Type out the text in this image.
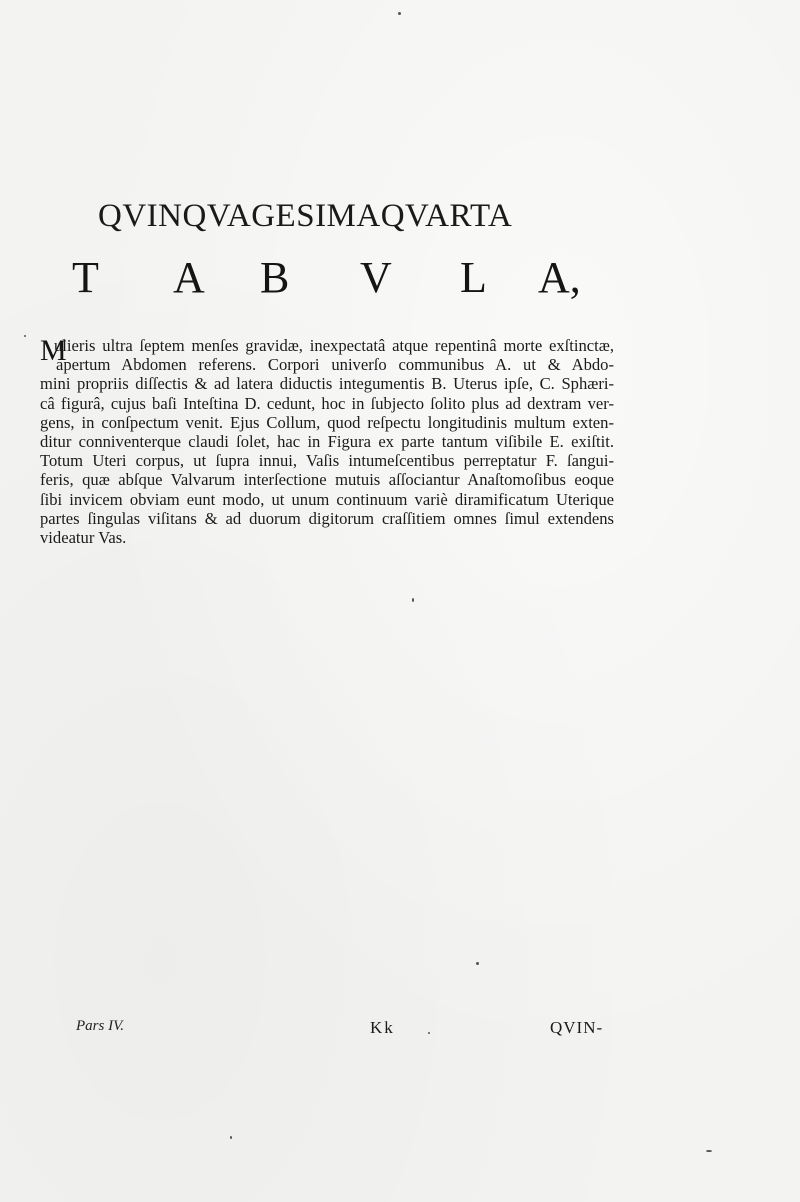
QVINQVAGESIMAQVARTA
T A B V L A,
M
ulieris ultra ſeptem menſes gravidæ, inexpectatâ atque repentinâ morte exſtinctæ,
apertum Abdomen referens. Corpori univerſo communibus A. ut & Abdo-
mini propriis diſſectis & ad latera diductis integumentis B. Uterus ipſe, C. Sphæri-
câ figurâ, cujus baſi Inteſtina D. cedunt, hoc in ſubjecto ſolito plus ad dextram ver-
gens, in conſpectum venit. Ejus Collum, quod reſpectu longitudinis multum exten-
ditur conniventerque claudi ſolet, hac in Figura ex parte tantum viſibile E. exiſtit.
Totum Uteri corpus, ut ſupra innui, Vaſis intumeſcentibus perreptatur F. ſangui-
feris, quæ abſque Valvarum interſectione mutuis aſſociantur Anaſtomoſibus eoque
ſibi invicem obviam eunt modo, ut unum continuum variè diramificatum Uterique
partes ſingulas viſitans & ad duorum digitorum craſſitiem omnes ſimul extendens
videatur Vas.
Pars IV.	Kk	QVIN-
